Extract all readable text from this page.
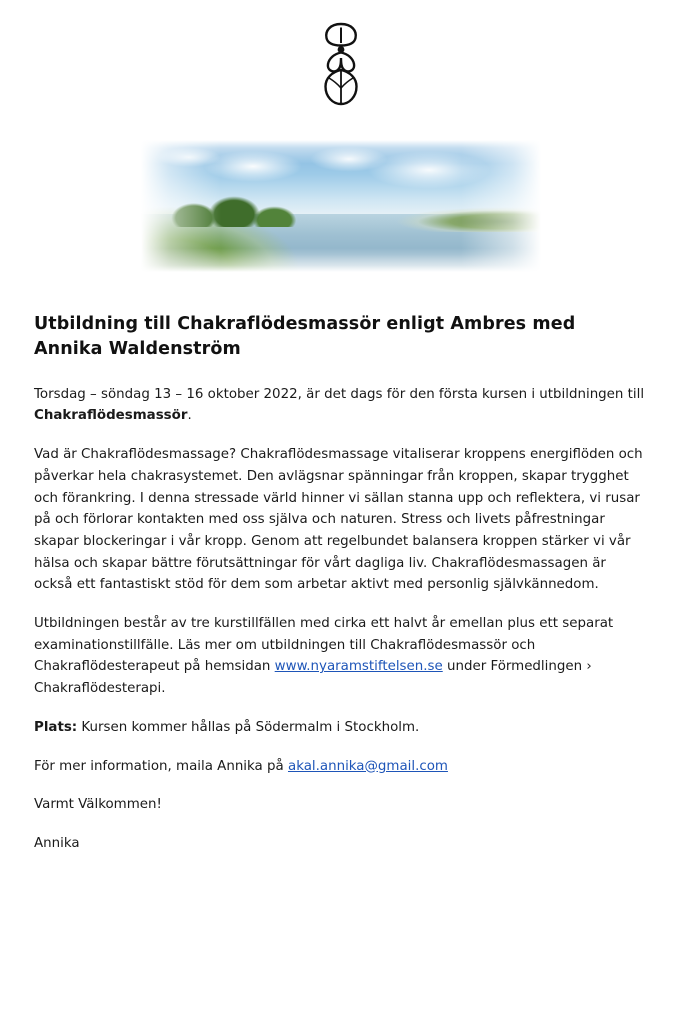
Utbildning till Chakraflödesmassör enligt Ambres med Annika Waldenström

Torsdag – söndag 13 – 16 oktober 2022, är det dags för den första kursen i utbildningen till Chakraflödesmassör.

Vad är Chakraflödesmassage? Chakraflödesmassage vitaliserar kroppens energiflöden och påverkar hela chakrasystemet. Den avlägsnar spänningar från kroppen, skapar trygghet och förankring. I denna stressade värld hinner vi sällan stanna upp och reflektera, vi rusar på och förlorar kontakten med oss själva och naturen. Stress och livets påfrestningar skapar blockeringar i vår kropp. Genom att regelbundet balansera kroppen stärker vi vår hälsa och skapar bättre förutsättningar för vårt dagliga liv. Chakraflödesmassagen är också ett fantastiskt stöd för dem som arbetar aktivt med personlig självkännedom.

Utbildningen består av tre kurstillfällen med cirka ett halvt år emellan plus ett separat examinationstillfälle. Läs mer om utbildningen till Chakraflödesmassör och Chakraflödesterapeut på hemsidan www.nyaramstiftelsen.se under Förmedlingen › Chakraflödesterapi.

Plats: Kursen kommer hållas på Södermalm i Stockholm.

För mer information, maila Annika på akal.annika@gmail.com

Varmt Välkommen!

Annika
